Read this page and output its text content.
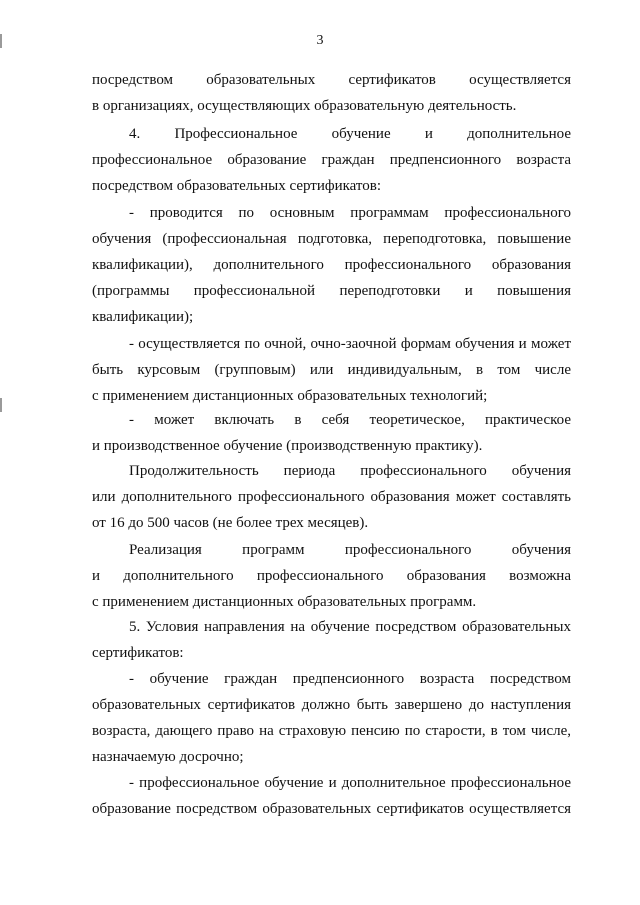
3
посредством образовательных сертификатов осуществляется
в организациях, осуществляющих образовательную деятельность.
4. Профессиональное обучение и дополнительное
профессиональное образование граждан предпенсионного возраста
посредством образовательных сертификатов:
- проводится по основным программам профессионального
обучения (профессиональная подготовка, переподготовка, повышение
квалификации), дополнительного профессионального образования
(программы профессиональной переподготовки и повышения
квалификации);
- осуществляется по очной, очно-заочной формам обучения и может
быть курсовым (групповым) или индивидуальным, в том числе
с применением дистанционных образовательных технологий;
- может включать в себя теоретическое, практическое
и производственное обучение (производственную практику).
Продолжительность периода профессионального обучения
или дополнительного профессионального образования может составлять
от 16 до 500 часов (не более трех месяцев).
Реализация программ профессионального обучения
и дополнительного профессионального образования возможна
с применением дистанционных образовательных программ.
5. Условия направления на обучение посредством образовательных
сертификатов:
- обучение граждан предпенсионного возраста посредством
образовательных сертификатов должно быть завершено до наступления
возраста, дающего право на страховую пенсию по старости, в том числе,
назначаемую досрочно;
- профессиональное обучение и дополнительное профессиональное
образование посредством образовательных сертификатов осуществляется
